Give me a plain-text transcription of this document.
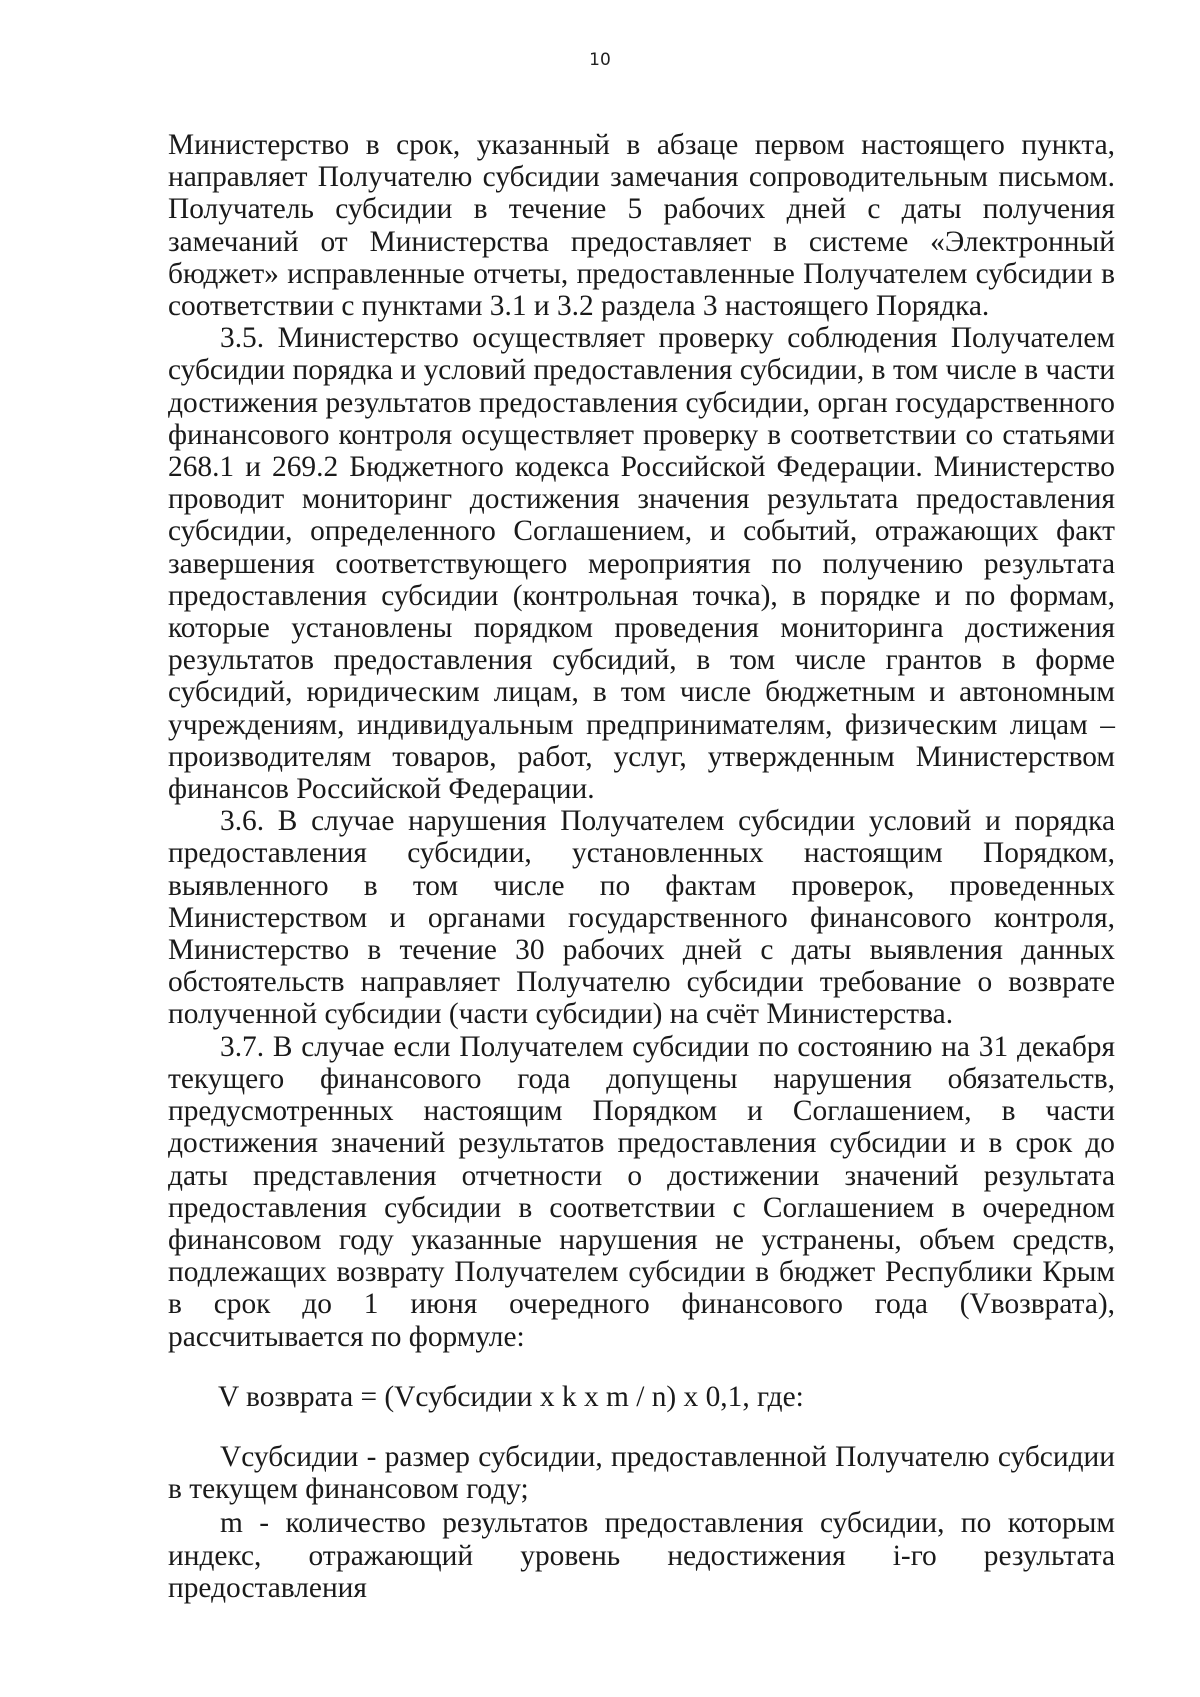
10

Министерство в срок, указанный в абзаце первом настоящего пункта, направляет Получателю субсидии замечания сопроводительным письмом. Получатель субсидии в течение 5 рабочих дней с даты получения замечаний от Министерства предоставляет в системе «Электронный бюджет» исправленные отчеты, предоставленные Получателем субсидии в соответствии с пунктами 3.1 и 3.2 раздела 3 настоящего Порядка.

3.5. Министерство осуществляет проверку соблюдения Получателем субсидии порядка и условий предоставления субсидии, в том числе в части достижения результатов предоставления субсидии, орган государственного финансового контроля осуществляет проверку в соответствии со статьями 268.1 и 269.2 Бюджетного кодекса Российской Федерации. Министерство проводит мониторинг достижения значения результата предоставления субсидии, определенного Соглашением, и событий, отражающих факт завершения соответствующего мероприятия по получению результата предоставления субсидии (контрольная точка), в порядке и по формам, которые установлены порядком проведения мониторинга достижения результатов предоставления субсидий, в том числе грантов в форме субсидий, юридическим лицам, в том числе бюджетным и автономным учреждениям, индивидуальным предпринимателям, физическим лицам – производителям товаров, работ, услуг, утвержденным Министерством финансов Российской Федерации.

3.6. В случае нарушения Получателем субсидии условий и порядка предоставления субсидии, установленных настоящим Порядком, выявленного в том числе по фактам проверок, проведенных Министерством и органами государственного финансового контроля, Министерство в течение 30 рабочих дней с даты выявления данных обстоятельств направляет Получателю субсидии требование о возврате полученной субсидии (части субсидии) на счёт Министерства.

3.7. В случае если Получателем субсидии по состоянию на 31 декабря текущего финансового года допущены нарушения обязательств, предусмотренных настоящим Порядком и Соглашением, в части достижения значений результатов предоставления субсидии и в срок до даты представления отчетности о достижении значений результата предоставления субсидии в соответствии с Соглашением в очередном финансовом году указанные нарушения не устранены, объем средств, подлежащих возврату Получателем субсидии в бюджет Республики Крым в срок до 1 июня очередного финансового года (Vвозврата), рассчитывается по формуле:

V возврата = (Vсубсидии x k x m / n) x 0,1, где:

Vсубсидии - размер субсидии, предоставленной Получателю субсидии в текущем финансовом году;

m - количество результатов предоставления субсидии, по которым индекс, отражающий уровень недостижения i-го результата предоставления
